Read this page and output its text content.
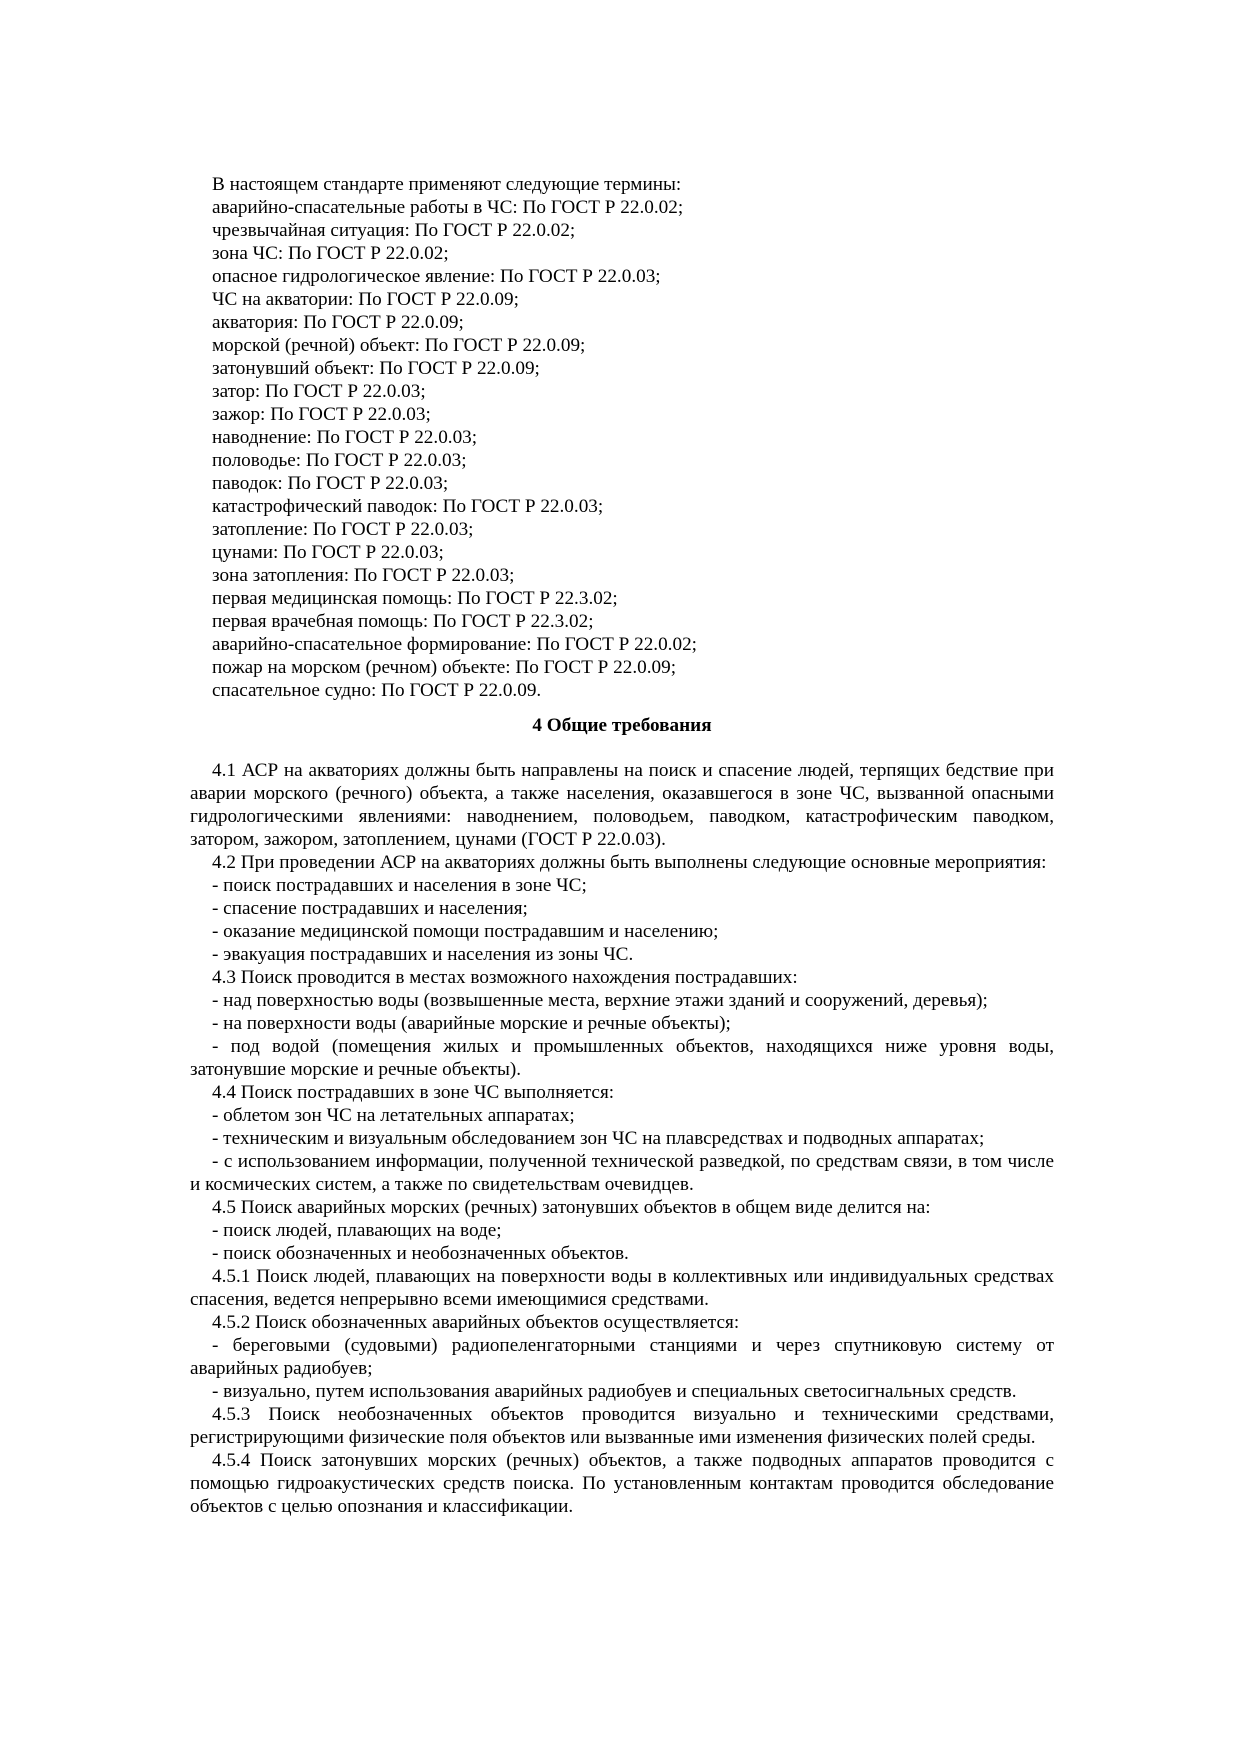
В настоящем стандарте применяют следующие термины:
аварийно-спасательные работы в ЧС: По ГОСТ Р 22.0.02;
чрезвычайная ситуация: По ГОСТ Р 22.0.02;
зона ЧС: По ГОСТ Р 22.0.02;
опасное гидрологическое явление: По ГОСТ Р 22.0.03;
ЧС на акватории: По ГОСТ Р 22.0.09;
акватория: По ГОСТ Р 22.0.09;
морской (речной) объект: По ГОСТ Р 22.0.09;
затонувший объект: По ГОСТ Р 22.0.09;
затор: По ГОСТ Р 22.0.03;
зажор: По ГОСТ Р 22.0.03;
наводнение: По ГОСТ Р 22.0.03;
половодье: По ГОСТ Р 22.0.03;
паводок: По ГОСТ Р 22.0.03;
катастрофический паводок: По ГОСТ Р 22.0.03;
затопление: По ГОСТ Р 22.0.03;
цунами: По ГОСТ Р 22.0.03;
зона затопления: По ГОСТ Р 22.0.03;
первая медицинская помощь: По ГОСТ Р 22.3.02;
первая врачебная помощь: По ГОСТ Р 22.3.02;
аварийно-спасательное формирование: По ГОСТ Р 22.0.02;
пожар на морском (речном) объекте: По ГОСТ Р 22.0.09;
спасательное судно: По ГОСТ Р 22.0.09.
4 Общие требования

4.1 АСР на акваториях должны быть направлены на поиск и спасение людей, терпящих бедствие при аварии морского (речного) объекта, а также населения, оказавшегося в зоне ЧС, вызванной опасными гидрологическими явлениями: наводнением, половодьем, паводком, катастрофическим паводком, затором, зажором, затоплением, цунами (ГОСТ Р 22.0.03).

4.2 При проведении АСР на акваториях должны быть выполнены следующие основные мероприятия:

- поиск пострадавших и населения в зоне ЧС;

- спасение пострадавших и населения;

- оказание медицинской помощи пострадавшим и населению;

- эвакуация пострадавших и населения из зоны ЧС.

4.3 Поиск проводится в местах возможного нахождения пострадавших:

- над поверхностью воды (возвышенные места, верхние этажи зданий и сооружений, деревья);

- на поверхности воды (аварийные морские и речные объекты);

- под водой (помещения жилых и промышленных объектов, находящихся ниже уровня воды, затонувшие морские и речные объекты).

4.4 Поиск пострадавших в зоне ЧС выполняется:

- облетом зон ЧС на летательных аппаратах;

- техническим и визуальным обследованием зон ЧС на плавсредствах и подводных аппаратах;

- с использованием информации, полученной технической разведкой, по средствам связи, в том числе и космических систем, а также по свидетельствам очевидцев.

4.5 Поиск аварийных морских (речных) затонувших объектов в общем виде делится на:

- поиск людей, плавающих на воде;

- поиск обозначенных и необозначенных объектов.

4.5.1 Поиск людей, плавающих на поверхности воды в коллективных или индивидуальных средствах спасения, ведется непрерывно всеми имеющимися средствами.

4.5.2 Поиск обозначенных аварийных объектов осуществляется:

- береговыми (судовыми) радиопеленгаторными станциями и через спутниковую систему от аварийных радиобуев;

- визуально, путем использования аварийных радиобуев и специальных светосигнальных средств.

4.5.3 Поиск необозначенных объектов проводится визуально и техническими средствами, регистрирующими физические поля объектов или вызванные ими изменения физических полей среды.

4.5.4 Поиск затонувших морских (речных) объектов, а также подводных аппаратов проводится с помощью гидроакустических средств поиска. По установленным контактам проводится обследование объектов с целью опознания и классификации.
